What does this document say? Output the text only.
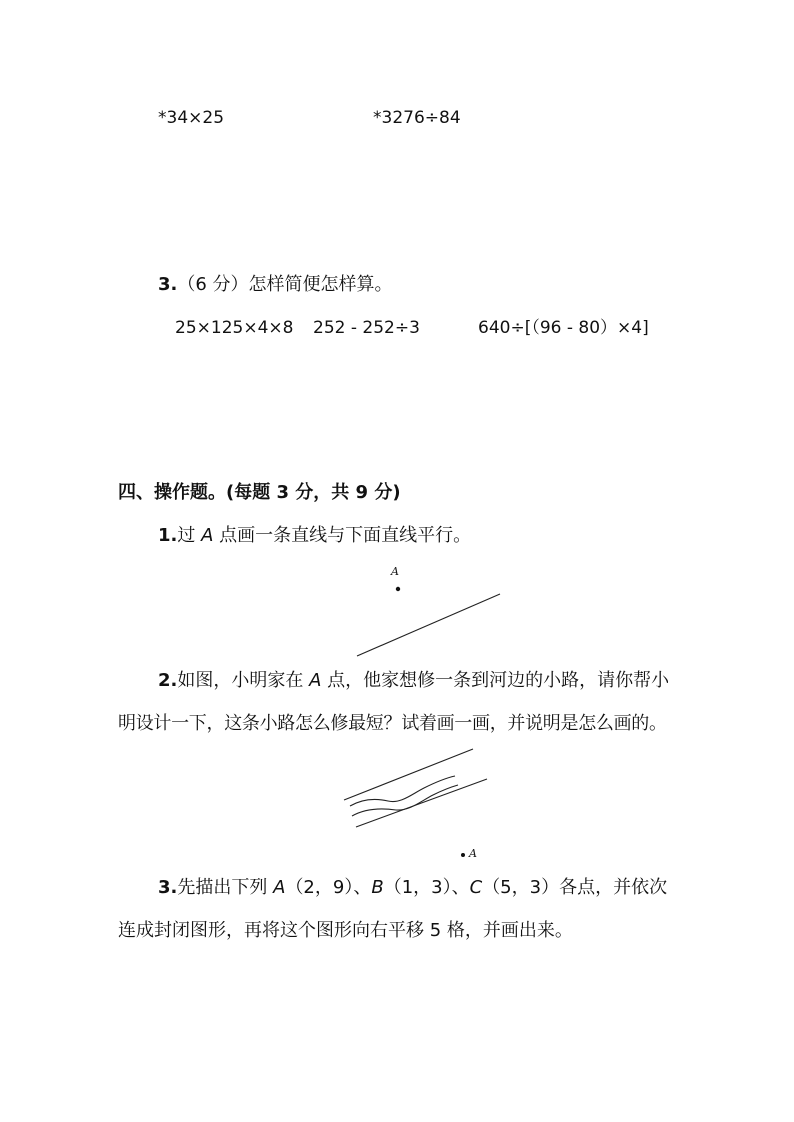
*34×25	*3276÷84
3.（6 分）怎样简便怎样算。
25×125×4×8 252 - 252÷3	640÷[（96 - 80）×4]
四、操作题。(每题 3 分，共 9 分)
1.过 A 点画一条直线与下面直线平行。
A
2.如图，小明家在 A 点，他家想修一条到河边的小路，请你帮小
明设计一下，这条小路怎么修最短？试着画一画，并说明是怎么画的。
A
3.先描出下列 A（2，9）、B（1，3）、C（5，3）各点，并依次
连成封闭图形，再将这个图形向右平移 5 格，并画出来。
